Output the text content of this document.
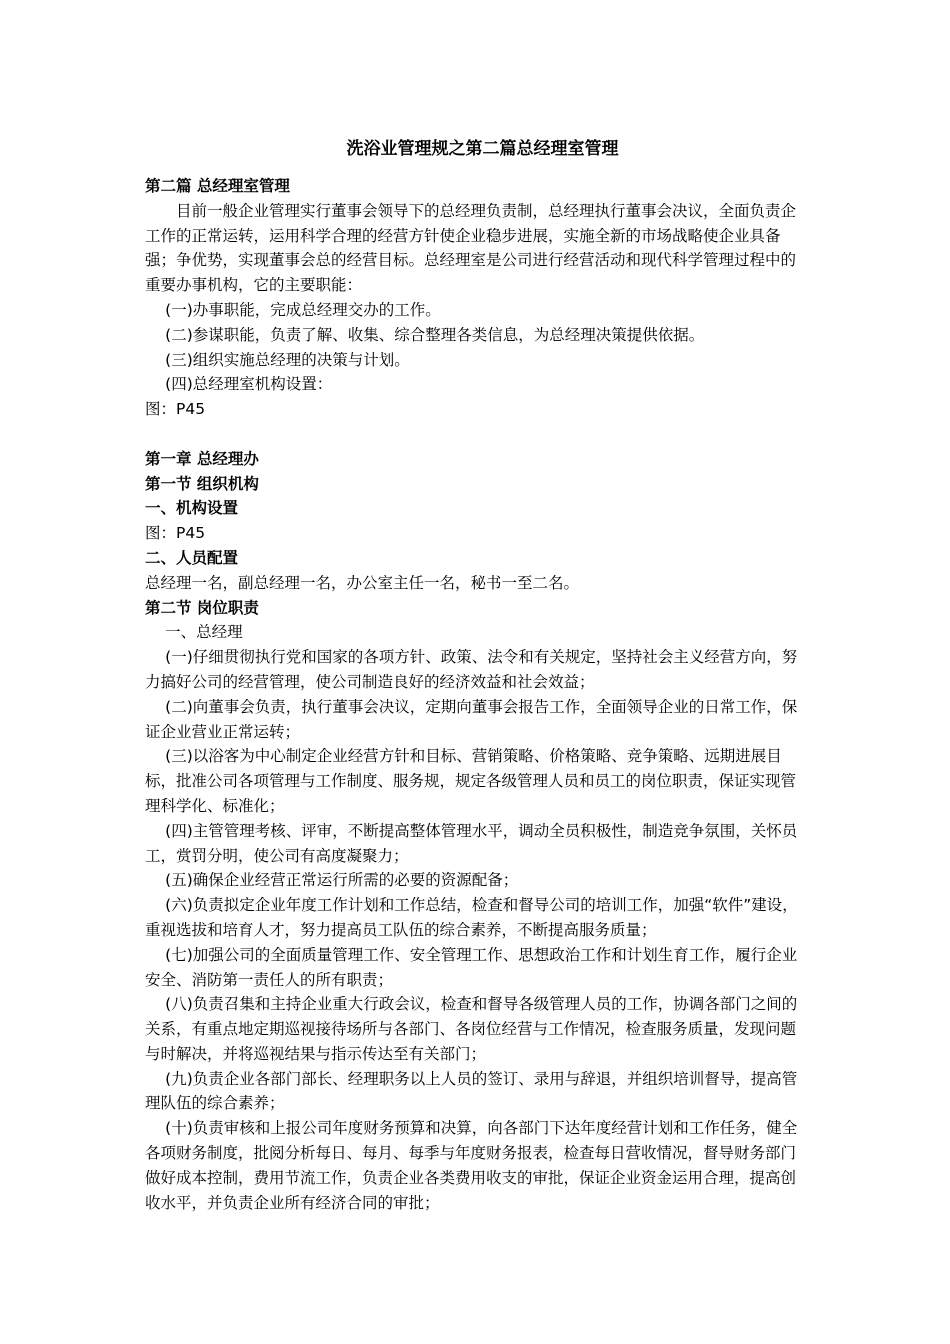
洗浴业管理规之第二篇总经理室管理

第二篇 总经理室管理

目前一般企业管理实行董事会领导下的总经理负责制，总经理执行董事会决议，全面负责企工作的正常运转，运用科学合理的经营方针使企业稳步进展，实施全新的市场战略使企业具备强；争优势，实现董事会总的经营目标。总经理室是公司进行经营活动和现代科学管理过程中的重要办事机构，它的主要职能：

(一)办事职能，完成总经理交办的工作。

(二)参谋职能，负责了解、收集、综合整理各类信息，为总经理决策提供依据。

(三)组织实施总经理的决策与计划。

(四)总经理室机构设置：

图：P45

第一章 总经理办

第一节 组织机构

一、机构设置

图：P45

二、人员配置

总经理一名，副总经理一名，办公室主任一名，秘书一至二名。

第二节 岗位职责

一、总经理

(一)仔细贯彻执行党和国家的各项方针、政策、法令和有关规定，坚持社会主义经营方向，努力搞好公司的经营管理，使公司制造良好的经济效益和社会效益；

(二)向董事会负责，执行董事会决议，定期向董事会报告工作，全面领导企业的日常工作，保证企业营业正常运转；

(三)以浴客为中心制定企业经营方针和目标、营销策略、价格策略、竞争策略、远期进展目标，批准公司各项管理与工作制度、服务规，规定各级管理人员和员工的岗位职责，保证实现管理科学化、标准化；

(四)主管管理考核、评审，不断提高整体管理水平，调动全员积极性，制造竞争氛围，关怀员工，赏罚分明，使公司有高度凝聚力；

(五)确保企业经营正常运行所需的必要的资源配备；

(六)负责拟定企业年度工作计划和工作总结，检查和督导公司的培训工作，加强“软件”建设，重视选拔和培育人才，努力提高员工队伍的综合素养，不断提高服务质量；

(七)加强公司的全面质量管理工作、安全管理工作、思想政治工作和计划生育工作，履行企业安全、消防第一责任人的所有职责；

(八)负责召集和主持企业重大行政会议，检查和督导各级管理人员的工作，协调各部门之间的关系，有重点地定期巡视接待场所与各部门、各岗位经营与工作情况，检查服务质量，发现问题与时解决，并将巡视结果与指示传达至有关部门；

(九)负责企业各部门部长、经理职务以上人员的签订、录用与辞退，并组织培训督导，提高管理队伍的综合素养；

(十)负责审核和上报公司年度财务预算和决算，向各部门下达年度经营计划和工作任务，健全各项财务制度，批阅分析每日、每月、每季与年度财务报表，检查每日营收情况，督导财务部门做好成本控制，费用节流工作，负责企业各类费用收支的审批，保证企业资金运用合理，提高创收水平，并负责企业所有经济合同的审批；
